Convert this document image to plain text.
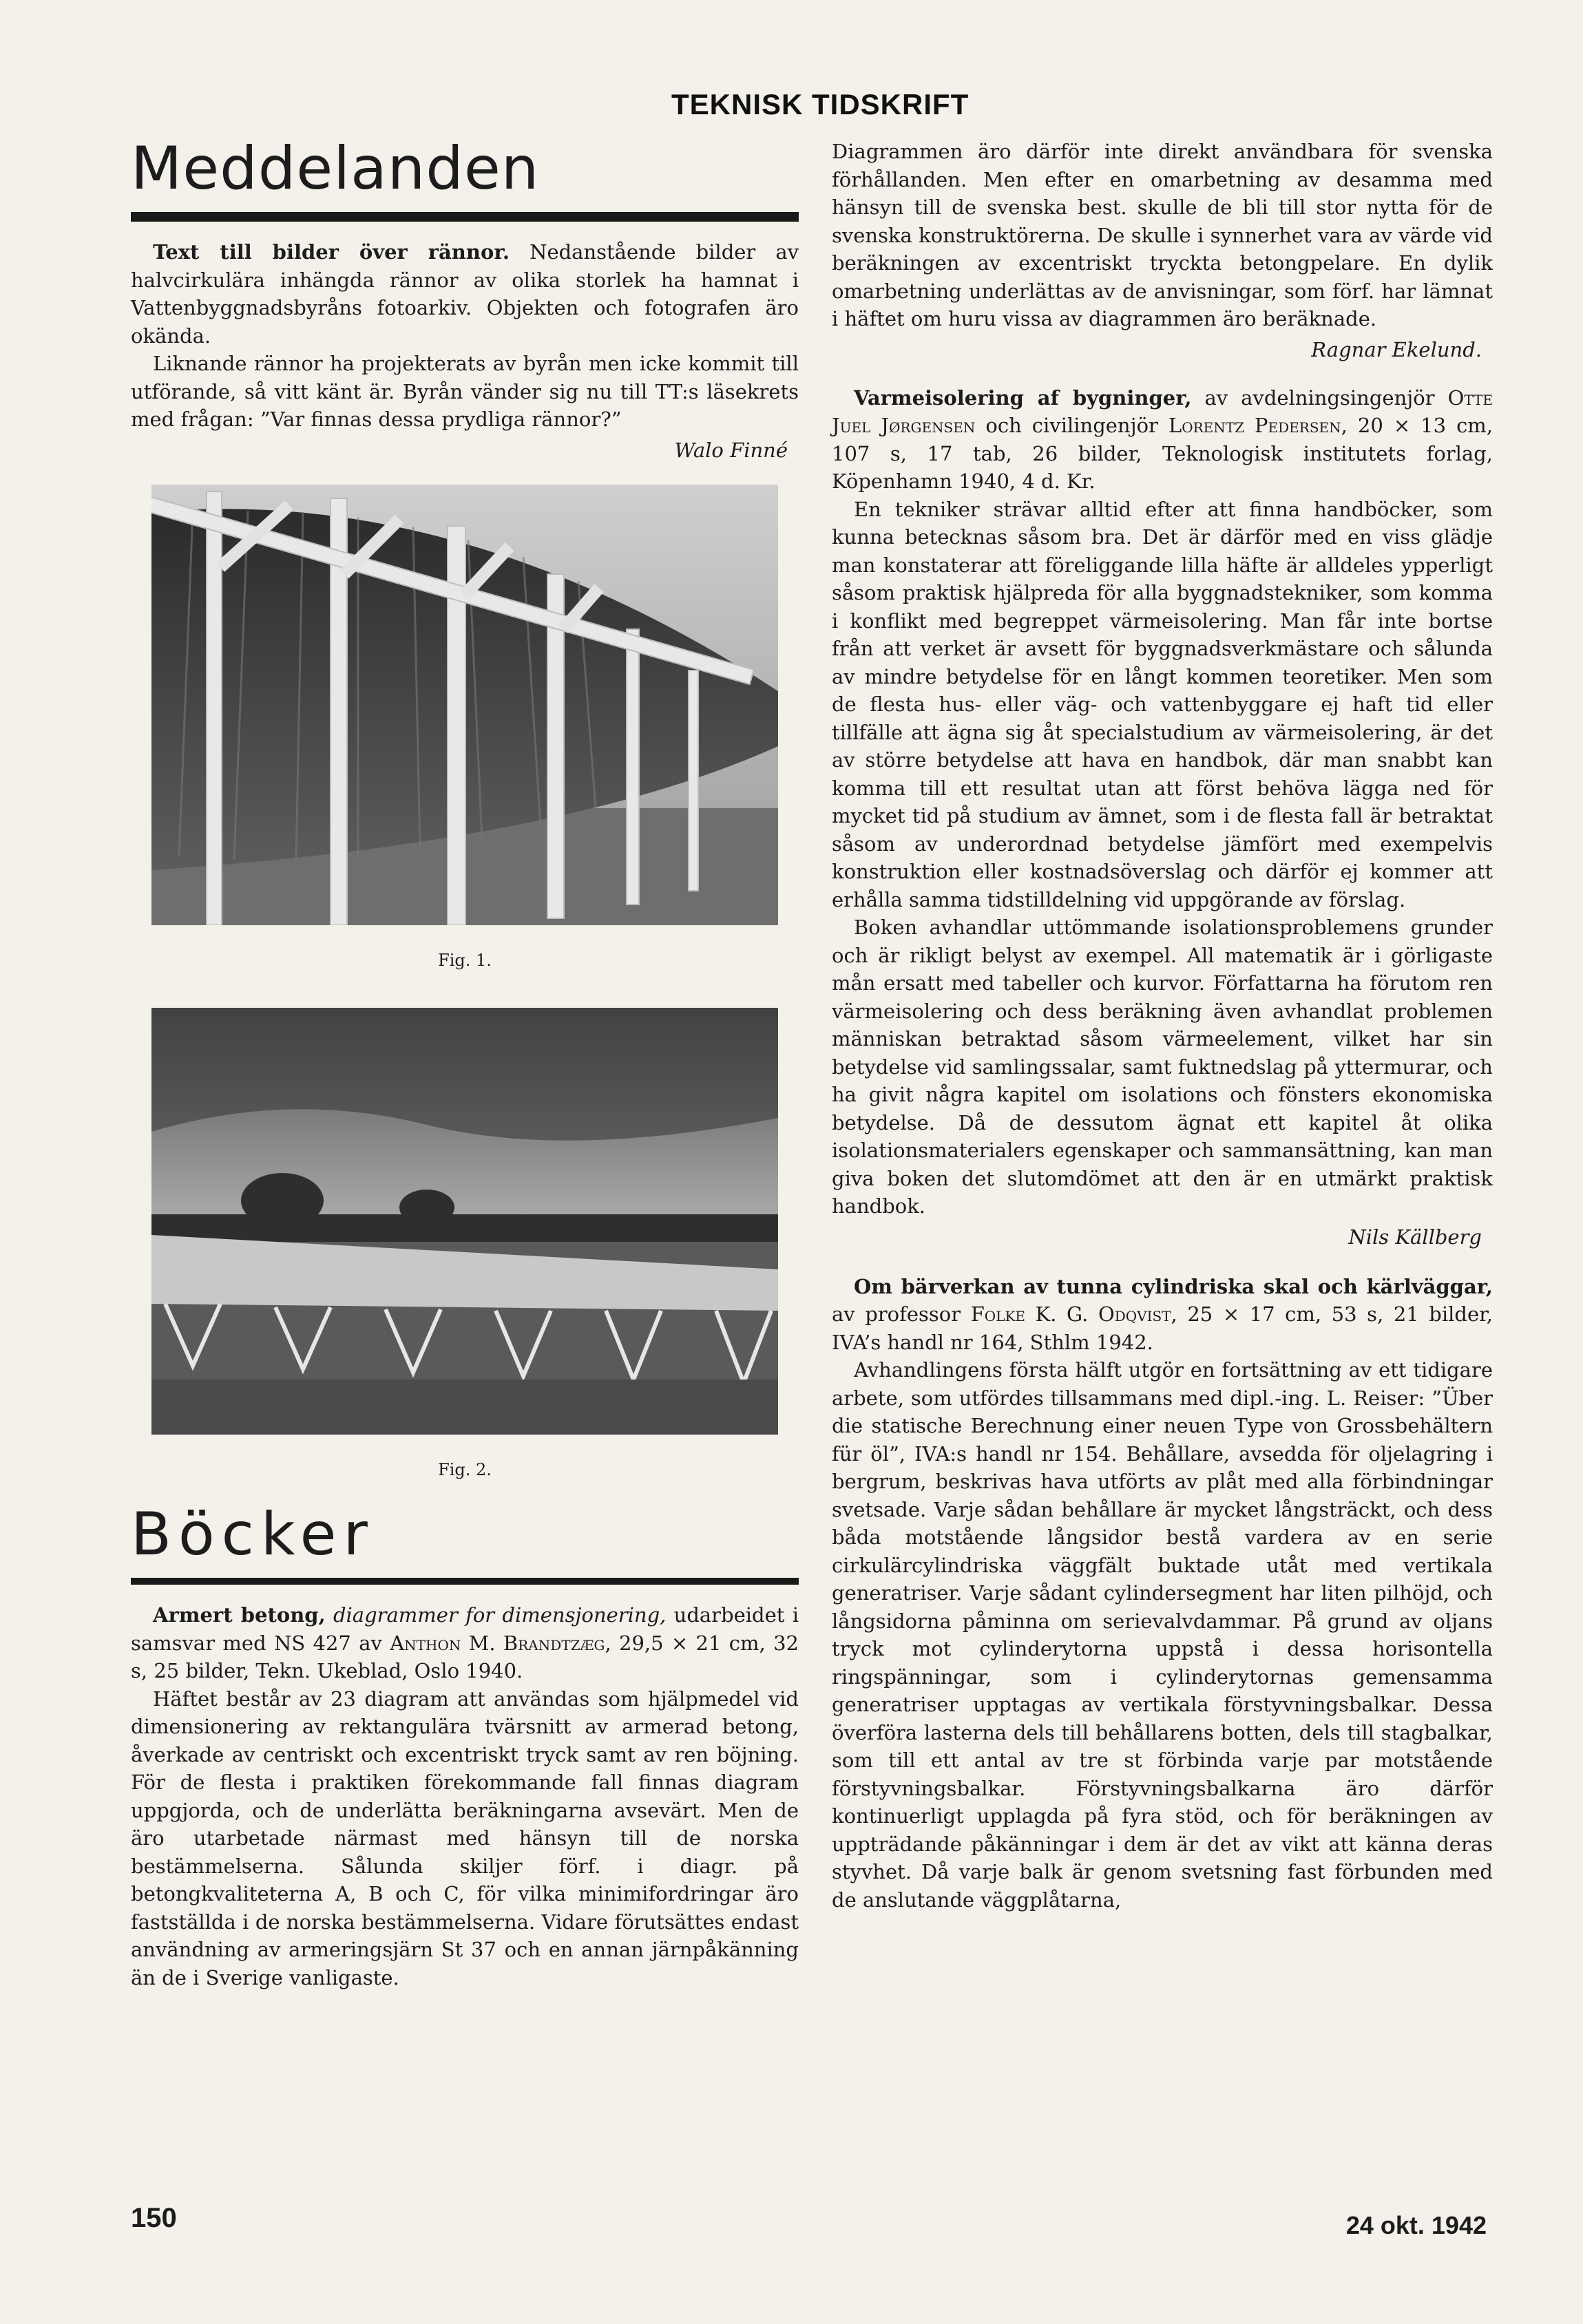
TEKNISK TIDSKRIFT
Meddelanden

Text till bilder över rännor. Nedanstående bilder av halvcirkulära inhängda rännor av olika storlek ha hamnat i Vattenbyggnadsbyråns fotoarkiv. Objekten och fotografen äro okända.

Liknande rännor ha projekterats av byrån men icke kommit till utförande, så vitt känt är. Byrån vänder sig nu till TT:s läsekrets med frågan: ”Var finnas dessa prydliga rännor?”

Walo Finné

Fig. 1.

Fig. 2.

Böcker

Armert betong, diagrammer for dimensjonering, udarbeidet i samsvar med NS 427 av Anthon M. Brandtzæg, 29,5 × 21 cm, 32 s, 25 bilder, Tekn. Ukeblad, Oslo 1940.

Häftet består av 23 diagram att användas som hjälpmedel vid dimensionering av rektangulära tvärsnitt av armerad betong, åverkade av centriskt och excentriskt tryck samt av ren böjning. För de flesta i praktiken förekommande fall finnas diagram uppgjorda, och de underlätta beräkningarna avsevärt. Men de äro utarbetade närmast med hänsyn till de norska bestämmelserna. Sålunda skiljer förf. i diagr. på betongkvaliteterna A, B och C, för vilka minimifordringar äro fastställda i de norska bestämmelserna. Vidare förutsättes endast användning av armeringsjärn St 37 och en annan järnpåkänning än de i Sverige vanligaste.

Diagrammen äro därför inte direkt användbara för svenska förhållanden. Men efter en omarbetning av desamma med hänsyn till de svenska best. skulle de bli till stor nytta för de svenska konstruktörerna. De skulle i synnerhet vara av värde vid beräkningen av excentriskt tryckta betongpelare. En dylik omarbetning underlättas av de anvisningar, som förf. har lämnat i häftet om huru vissa av diagrammen äro beräknade.

Ragnar Ekelund.

Varmeisolering af bygninger, av avdelningsingenjör Otte Juel Jørgensen och civilingenjör Lorentz Pedersen, 20 × 13 cm, 107 s, 17 tab, 26 bilder, Teknologisk institutets forlag, Köpenhamn 1940, 4 d. Kr.

En tekniker strävar alltid efter att finna handböcker, som kunna betecknas såsom bra. Det är därför med en viss glädje man konstaterar att föreliggande lilla häfte är alldeles ypperligt såsom praktisk hjälpreda för alla byggnadstekniker, som komma i konflikt med begreppet värmeisolering. Man får inte bortse från att verket är avsett för byggnadsverkmästare och sålunda av mindre betydelse för en långt kommen teoretiker. Men som de flesta hus- eller väg- och vattenbyggare ej haft tid eller tillfälle att ägna sig åt specialstudium av värmeisolering, är det av större betydelse att hava en handbok, där man snabbt kan komma till ett resultat utan att först behöva lägga ned för mycket tid på studium av ämnet, som i de flesta fall är betraktat såsom av underordnad betydelse jämfört med exempelvis konstruktion eller kostnadsöverslag och därför ej kommer att erhålla samma tidstilldelning vid uppgörande av förslag.

Boken avhandlar uttömmande isolationsproblemens grunder och är rikligt belyst av exempel. All matematik är i görligaste mån ersatt med tabeller och kurvor. Författarna ha förutom ren värmeisolering och dess beräkning även avhandlat problemen människan betraktad såsom värmeelement, vilket har sin betydelse vid samlingssalar, samt fuktnedslag på yttermurar, och ha givit några kapitel om isolations och fönsters ekonomiska betydelse. Då de dessutom ägnat ett kapitel åt olika isolationsmaterialers egenskaper och sammansättning, kan man giva boken det slutomdömet att den är en utmärkt praktisk handbok.

Nils Källberg

Om bärverkan av tunna cylindriska skal och kärlväggar, av professor Folke K. G. Odqvist, 25 × 17 cm, 53 s, 21 bilder, IVA’s handl nr 164, Sthlm 1942.

Avhandlingens första hälft utgör en fortsättning av ett tidigare arbete, som utfördes tillsammans med dipl.-ing. L. Reiser: ”Über die statische Berechnung einer neuen Type von Grossbehältern für öl”, IVA:s handl nr 154. Behållare, avsedda för oljelagring i bergrum, beskrivas hava utförts av plåt med alla förbindningar svetsade. Varje sådan behållare är mycket långsträckt, och dess båda motstående långsidor bestå vardera av en serie cirkulärcylindriska väggfält buktade utåt med vertikala generatriser. Varje sådant cylindersegment har liten pilhöjd, och långsidorna påminna om serievalvdammar. På grund av oljans tryck mot cylinderytorna uppstå i dessa horisontella ringspänningar, som i cylinderytornas gemensamma generatriser upptagas av vertikala förstyvningsbalkar. Dessa överföra lasterna dels till behållarens botten, dels till stagbalkar, som till ett antal av tre st förbinda varje par motstående förstyvningsbalkar. Förstyvningsbalkarna äro därför kontinuerligt upplagda på fyra stöd, och för beräkningen av uppträdande påkänningar i dem är det av vikt att känna deras styvhet. Då varje balk är genom svetsning fast förbunden med de anslutande väggplåtarna,

150	24 okt. 1942
